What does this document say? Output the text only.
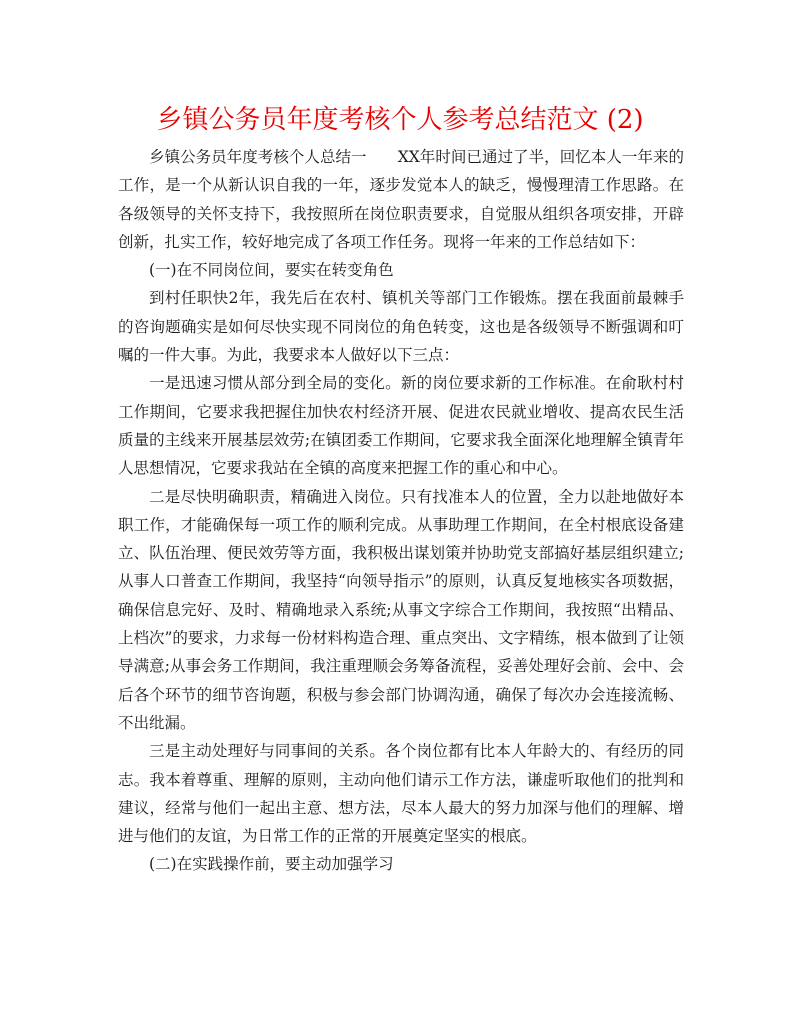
乡镇公务员年度考核个人参考总结范文 (2)

乡镇公务员年度考核个人总结一　　XX年时间已通过了半，回忆本人一年来的工作，是一个从新认识自我的一年，逐步发觉本人的缺乏，慢慢理清工作思路。在各级领导的关怀支持下，我按照所在岗位职责要求，自觉服从组织各项安排，开辟创新，扎实工作，较好地完成了各项工作任务。现将一年来的工作总结如下：

(一)在不同岗位间，要实在转变角色

到村任职快2年，我先后在农村、镇机关等部门工作锻炼。摆在我面前最棘手的咨询题确实是如何尽快实现不同岗位的角色转变，这也是各级领导不断强调和叮嘱的一件大事。为此，我要求本人做好以下三点：

一是迅速习惯从部分到全局的变化。新的岗位要求新的工作标准。在俞耿村村工作期间，它要求我把握住加快农村经济开展、促进农民就业增收、提高农民生活质量的主线来开展基层效劳;在镇团委工作期间，它要求我全面深化地理解全镇青年人思想情况，它要求我站在全镇的高度来把握工作的重心和中心。

二是尽快明确职责，精确进入岗位。只有找准本人的位置，全力以赴地做好本职工作，才能确保每一项工作的顺利完成。从事助理工作期间，在全村根底设备建立、队伍治理、便民效劳等方面，我积极出谋划策并协助党支部搞好基层组织建立;从事人口普查工作期间，我坚持“向领导指示”的原则，认真反复地核实各项数据，确保信息完好、及时、精确地录入系统;从事文字综合工作期间，我按照“出精品、上档次”的要求，力求每一份材料构造合理、重点突出、文字精练，根本做到了让领导满意;从事会务工作期间，我注重理顺会务筹备流程，妥善处理好会前、会中、会后各个环节的细节咨询题，积极与参会部门协调沟通，确保了每次办会连接流畅、不出纰漏。

三是主动处理好与同事间的关系。各个岗位都有比本人年龄大的、有经历的同志。我本着尊重、理解的原则，主动向他们请示工作方法，谦虚听取他们的批判和建议，经常与他们一起出主意、想方法，尽本人最大的努力加深与他们的理解、增进与他们的友谊，为日常工作的正常的开展奠定坚实的根底。

(二)在实践操作前，要主动加强学习
